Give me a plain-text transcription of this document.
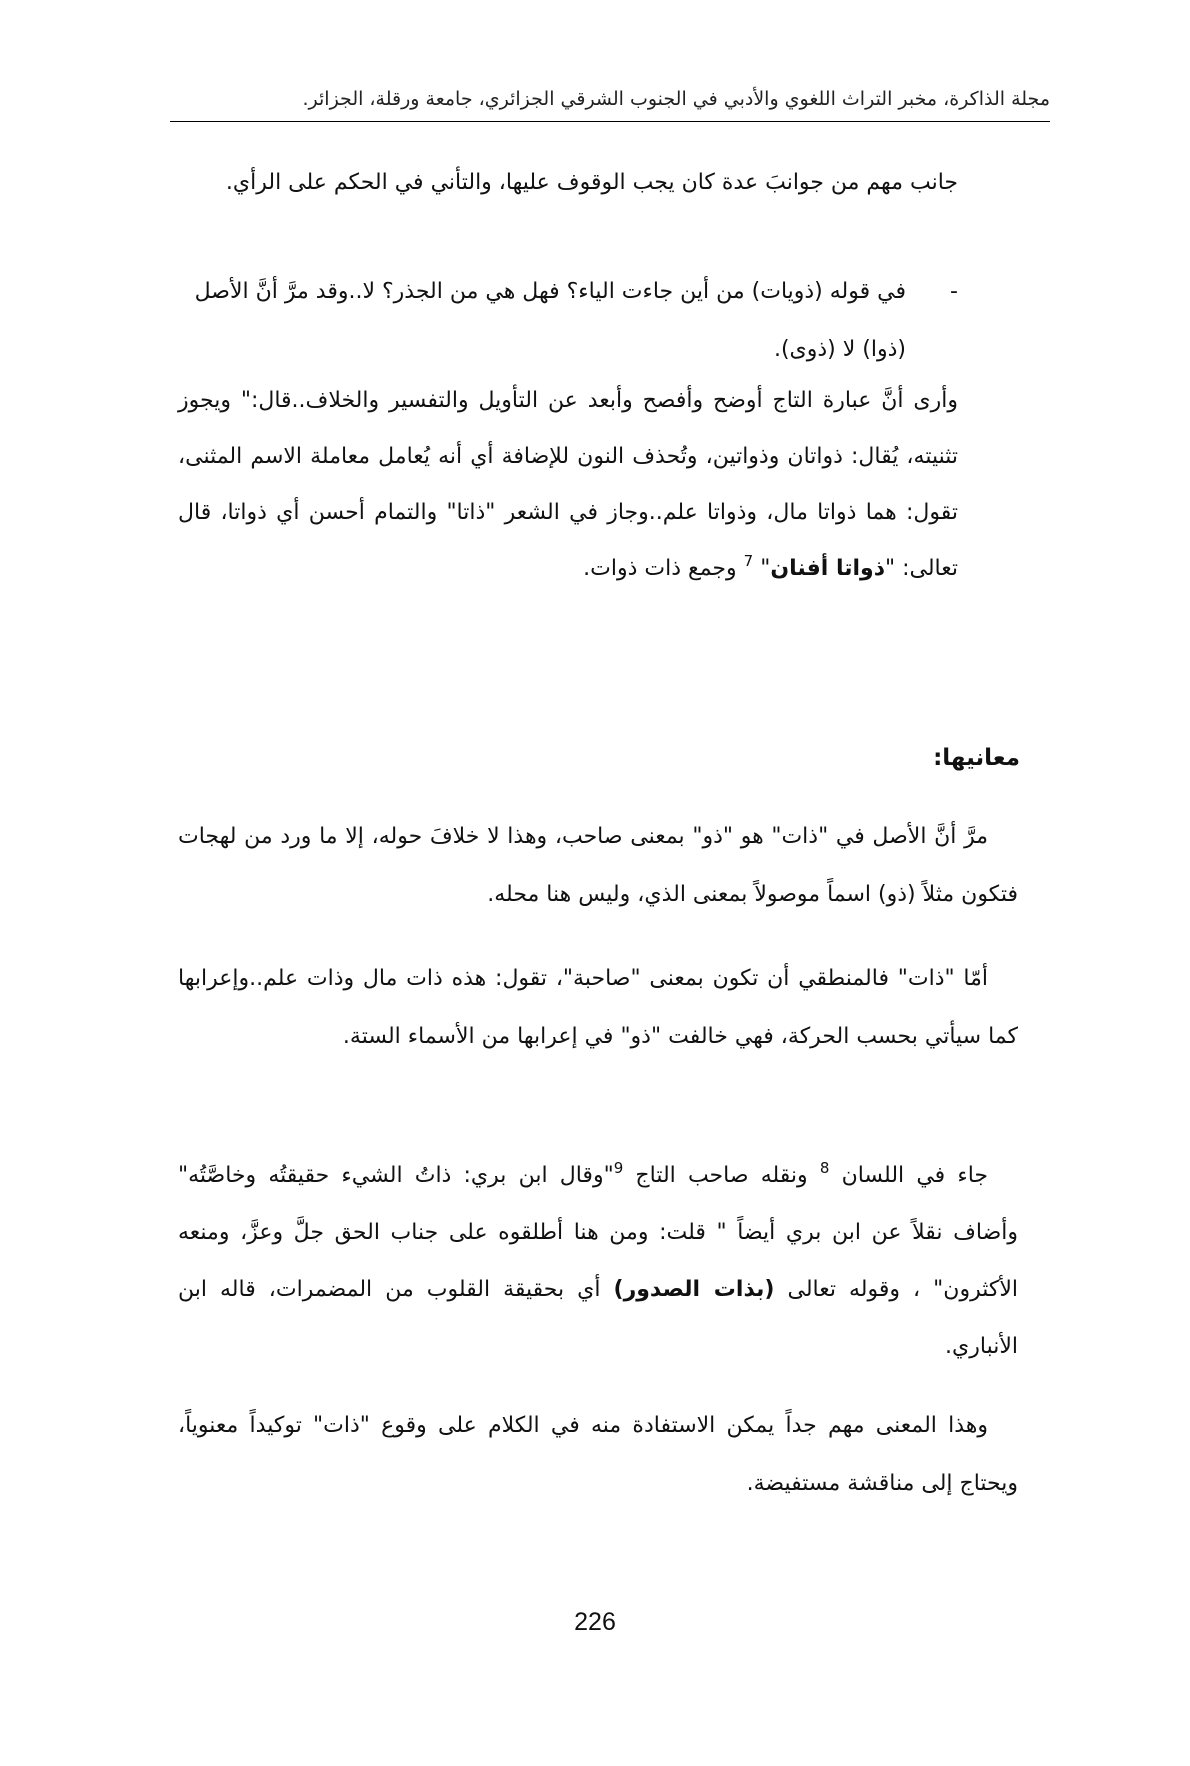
مجلة الذاكرة، مخبر التراث اللغوي والأدبي في الجنوب الشرقي الجزائري، جامعة ورقلة، الجزائر.
جانب مهم من جوانبَ عدة كان يجب الوقوف عليها، والتأني في الحكم على الرأي.
-
في قوله (ذويات) من أين جاءت الياء؟ فهل هي من الجذر؟ لا..وقد مرَّ أنَّ الأصل (ذوا) لا (ذوى).
وأرى أنَّ عبارة التاج أوضح وأفصح وأبعد عن التأويل والتفسير والخلاف..قال:" ويجوز تثنيته، يُقال: ذواتان وذواتين، وتُحذف النون للإضافة أي أنه يُعامل معاملة الاسم المثنى، تقول: هما ذواتا مال، وذواتا علم..وجاز في الشعر "ذاتا" والتمام أحسن أي ذواتا، قال تعالى: "ذواتا أفنان" $^7$ وجمع ذات ذوات.
معانيها:
مرَّ أنَّ الأصل في "ذات" هو "ذو" بمعنى صاحب، وهذا لا خلافَ حوله، إلا ما ورد من لهجات فتكون مثلاً (ذو) اسماً موصولاً بمعنى الذي، وليس هنا محله.
أمّا "ذات" فالمنطقي أن تكون بمعنى "صاحبة"، تقول: هذه ذات مال وذات علم..وإعرابها كما سيأتي بحسب الحركة، فهي خالفت "ذو" في إعرابها من الأسماء الستة.
جاء في اللسان $^8$ ونقله صاحب التاج $^9$"وقال ابن بري: ذاتُ الشيء حقيقتُه وخاصَّتُه" وأضاف نقلاً عن ابن بري أيضاً " قلت: ومن هنا أطلقوه على جناب الحق جلَّ وعزَّ، ومنعه الأكثرون" ، وقوله تعالى (بذات الصدور) أي بحقيقة القلوب من المضمرات، قاله ابن الأنباري.
وهذا المعنى مهم جداً يمكن الاستفادة منه في الكلام على وقوع "ذات" توكيداً معنوياً، ويحتاج إلى مناقشة مستفيضة.
226
